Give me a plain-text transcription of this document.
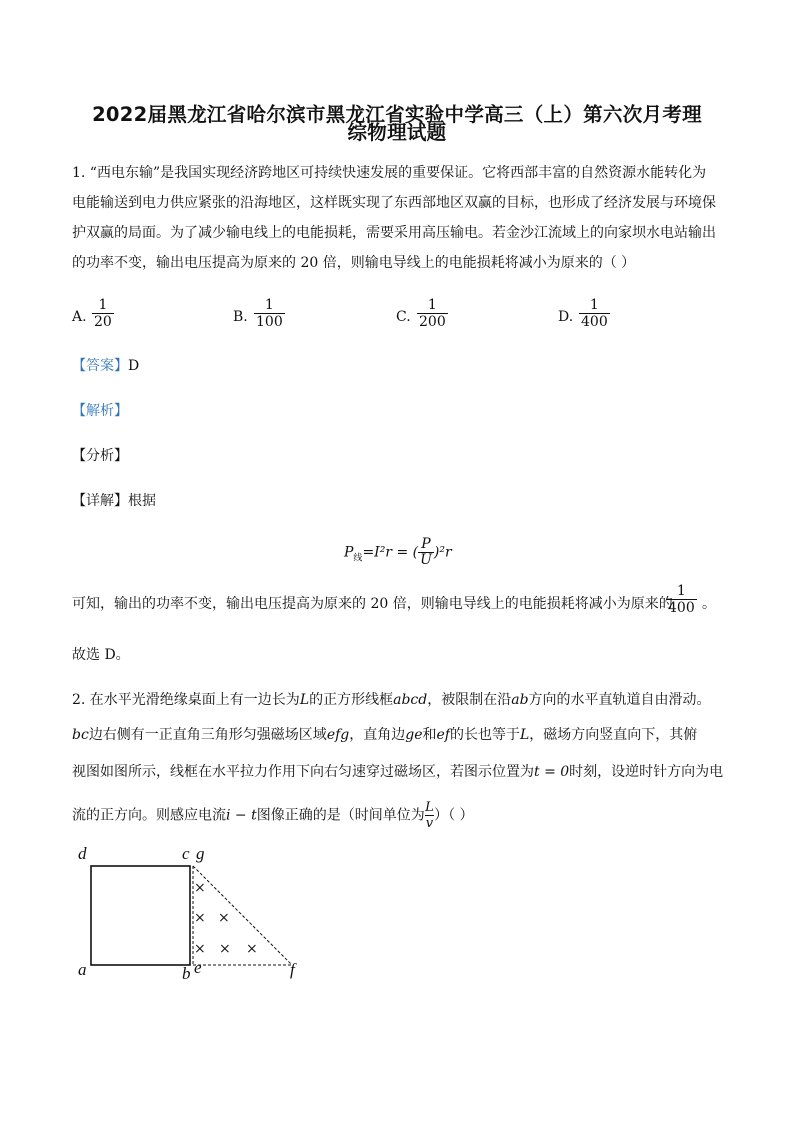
2022届黑龙江省哈尔滨市黑龙江省实验中学高三（上）第六次月考理
综物理试题
1. “西电东输”是我国实现经济跨地区可持续快速发展的重要保证。它将西部丰富的自然资源水能转化为
电能输送到电力供应紧张的沿海地区，这样既实现了东西部地区双赢的目标，也形成了经济发展与环境保
护双赢的局面。为了减少输电线上的电能损耗，需要采用高压输电。若金沙江流域上的向家坝水电站输出
的功率不变，输出电压提高为原来的 20 倍，则输电导线上的电能损耗将减小为原来的（ ）
A. $\frac{1}{20}$	B. $\frac{1}{100}$	C. $\frac{1}{200}$	D. $\frac{1}{400}$
【答案】D
【解析】
【分析】
【详解】根据
$P_线=I^2r$ = ( $\frac{P}{U} )^2r$
可知，输出的功率不变，输出电压提高为原来的 20 倍，则输电导线上的电能损耗将减小为原来的
$\frac{1}{400}$ 。
故选 D。
2. 在水平光滑绝缘桌面上有一边长为L的正方形线框abcd，被限制在沿ab方向的水平直轨道自由滑动。
bc边右侧有一正直角三角形匀强磁场区域efg，直角边ge和ef的长也等于L，磁场方向竖直向下，其俯
视图如图所示，线框在水平拉力作用下向右匀速穿过磁场区，若图示位置为t = 0时刻，设逆时针方向为电
流的正方向。则感应电流i − t图像正确的是（时间单位为 $\frac{L}{v}$ ）（ ）
d	c g
a	b e	f
×
× ×
× × ×
